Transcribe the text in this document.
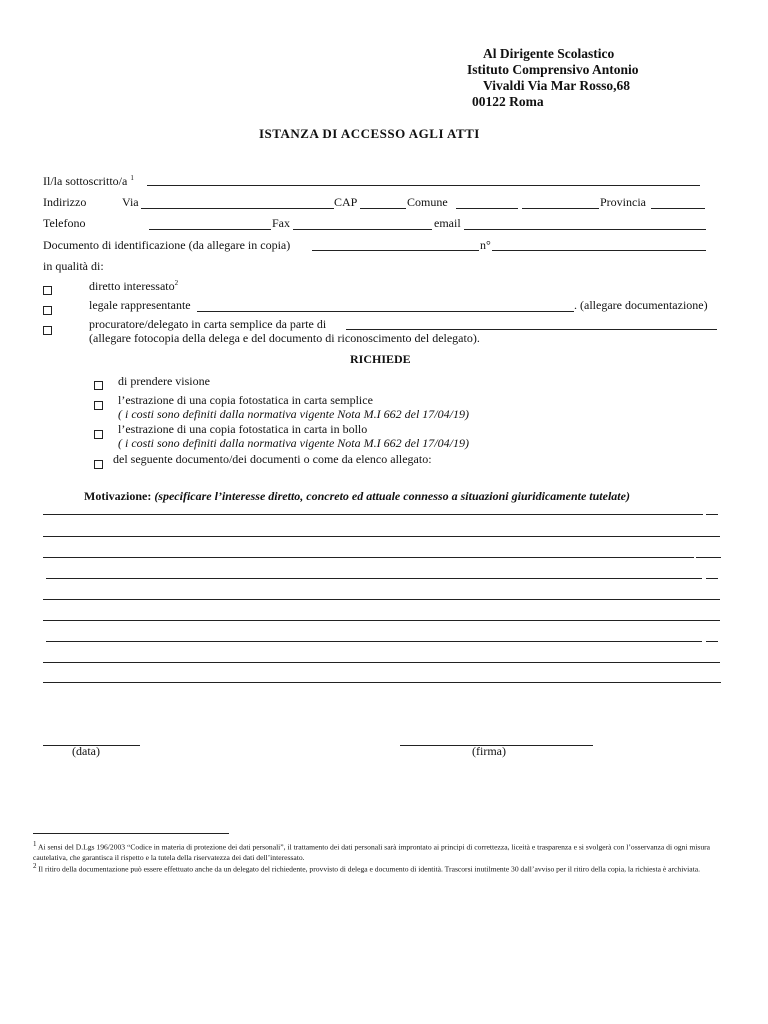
Al Dirigente Scolastico
Istituto Comprensivo Antonio
Vivaldi Via Mar Rosso,68
00122 Roma
ISTANZA DI ACCESSO AGLI ATTI
Il/la sottoscritto/a $^1$
Indirizzo	Via	CAP	Comune	Provincia
Telefono	Fax	email
Documento di identificazione (da allegare in copia)	n°
in qualità di:
diretto interessato$^2$
legale rappresentante	. (allegare documentazione)
procuratore/delegato in carta semplice da parte di
(allegare fotocopia della delega e del documento di riconoscimento del delegato).
RICHIEDE
di prendere visione
l’estrazione di una copia fotostatica in carta semplice
( i costi sono definiti dalla normativa vigente Nota M.I 662 del 17/04/19)
l’estrazione di una copia fotostatica in carta in bollo
( i costi sono definiti dalla normativa vigente Nota M.I 662 del 17/04/19)
del seguente documento/dei documenti o come da elenco allegato:
Motivazione: (specificare l’interesse diretto, concreto ed attuale connesso a situazioni giuridicamente tutelate)
(data)	(firma)
$^1$ Ai sensi del D.Lgs 196/2003 “Codice in materia di protezione dei dati personali”, il trattamento dei dati personali sarà improntato ai principi di correttezza, liceità e trasparenza e si svolgerà con l’osservanza di ogni misura cautelativa, che garantisca il rispetto e la tutela della riservatezza dei dati dell’interessato.
$^2$ Il ritiro della documentazione può essere effettuato anche da un delegato del richiedente, provvisto di delega e documento di identità. Trascorsi inutilmente 30 dall’avviso per il ritiro della copia, la richiesta è archiviata.
